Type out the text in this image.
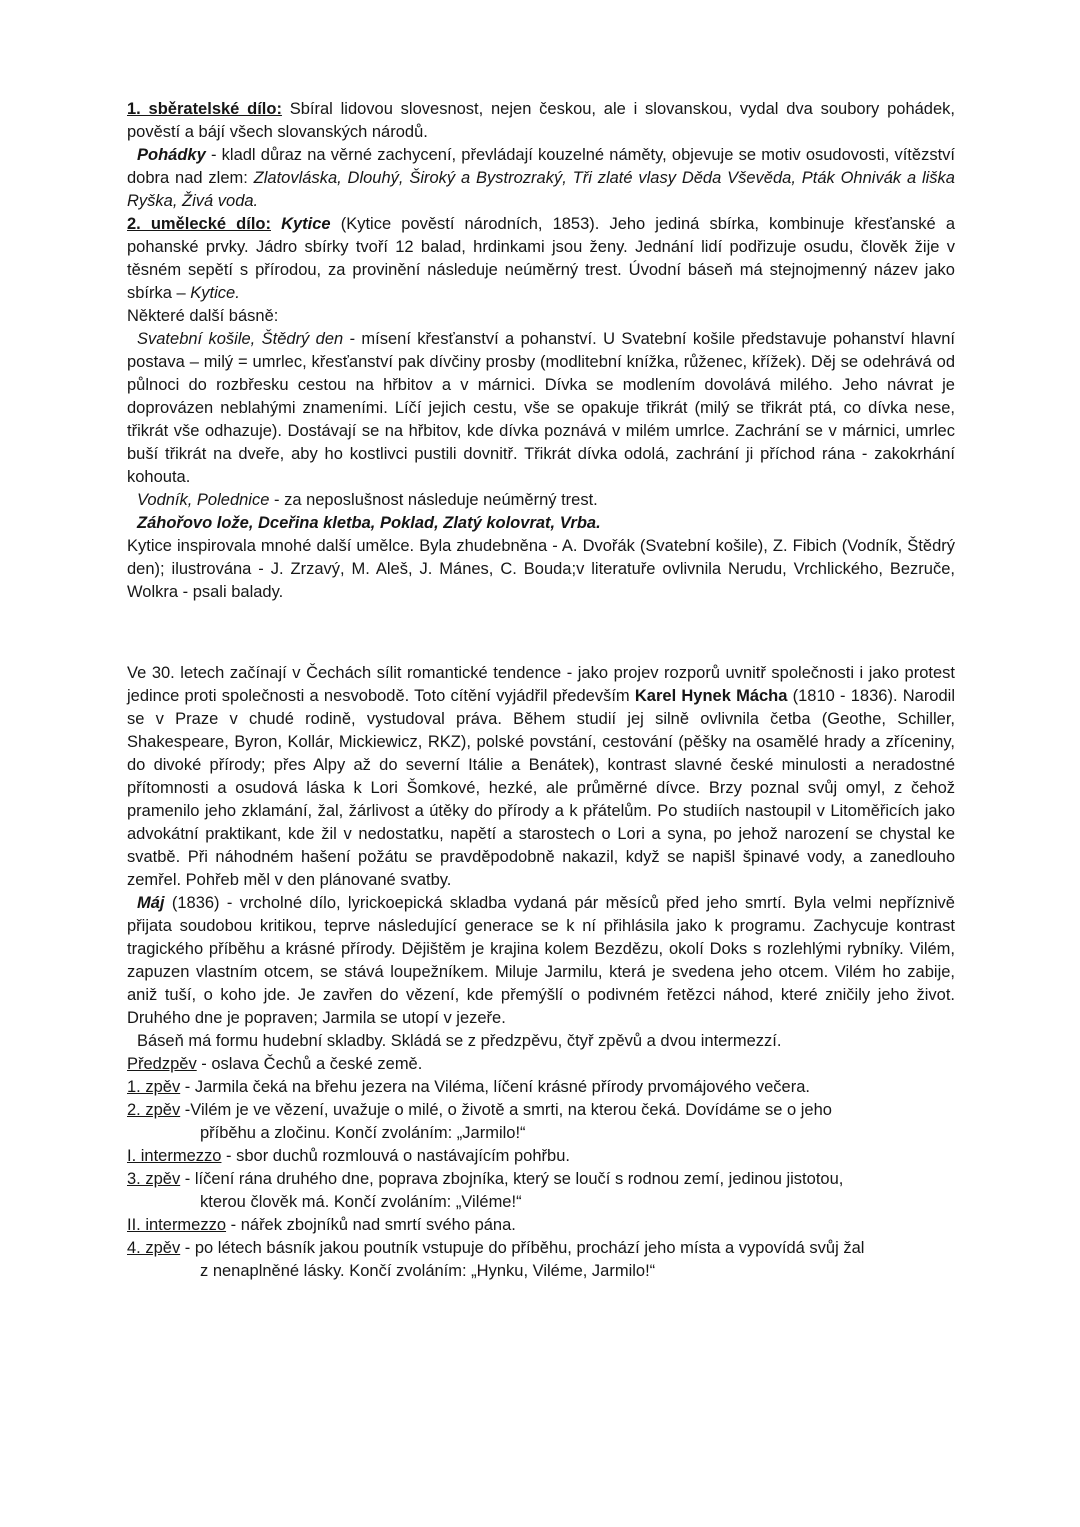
1. sběratelské dílo: Sbíral lidovou slovesnost, nejen českou, ale i slovanskou, vydal dva soubory pohádek, pověstí a bájí všech slovanských národů.

Pohádky - kladl důraz na věrné zachycení, převládají kouzelné náměty, objevuje se motiv osudovosti, vítězství dobra nad zlem: Zlatovláska, Dlouhý, Široký a Bystrozraký, Tři zlaté vlasy Děda Vševěda, Pták Ohnivák a liška Ryška, Živá voda.

2. umělecké dílo: Kytice (Kytice pověstí národních, 1853). Jeho jediná sbírka, kombinuje křesťanské a pohanské prvky. Jádro sbírky tvoří 12 balad, hrdinkami jsou ženy. Jednání lidí podřizuje osudu, člověk žije v těsném sepětí s přírodou, za provinění následuje neúměrný trest. Úvodní báseň má stejnojmenný název jako sbírka – Kytice.

Některé další básně:

Svatební košile, Štědrý den - mísení křesťanství a pohanství. U Svatební košile představuje pohanství hlavní postava – milý = umrlec, křesťanství pak dívčiny prosby (modlitební knížka, růženec, křížek). Děj se odehrává od půlnoci do rozbřesku cestou na hřbitov a v márnici. Dívka se modlením dovolává milého. Jeho návrat je doprovázen neblahými znameními. Líčí jejich cestu, vše se opakuje třikrát (milý se třikrát ptá, co dívka nese, třikrát vše odhazuje). Dostávají se na hřbitov, kde dívka poznává v milém umrlce. Zachrání se v márnici, umrlec buší třikrát na dveře, aby ho kostlivci pustili dovnitř. Třikrát dívka odolá, zachrání ji příchod rána - zakokrhání kohouta.

Vodník, Polednice - za neposlušnost následuje neúměrný trest.

Záhořovo lože, Dceřina kletba, Poklad, Zlatý kolovrat, Vrba.

Kytice inspirovala mnohé další umělce. Byla zhudebněna - A. Dvořák (Svatební košile), Z. Fibich (Vodník, Štědrý den); ilustrována - J. Zrzavý, M. Aleš, J. Mánes, C. Bouda;v literatuře ovlivnila Nerudu, Vrchlického, Bezruče, Wolkra - psali balady.

Ve 30. letech začínají v Čechách sílit romantické tendence - jako projev rozporů uvnitř společnosti i jako protest jedince proti společnosti a nesvobodě. Toto cítění vyjádřil především Karel Hynek Mácha (1810 - 1836). Narodil se v Praze v chudé rodině, vystudoval práva. Během studií jej silně ovlivnila četba (Geothe, Schiller, Shakespeare, Byron, Kollár, Mickiewicz, RKZ), polské povstání, cestování (pěšky na osamělé hrady a zříceniny, do divoké přírody; přes Alpy až do severní Itálie a Benátek), kontrast slavné české minulosti a neradostné přítomnosti a osudová láska k Lori Šomkové, hezké, ale průměrné dívce. Brzy poznal svůj omyl, z čehož pramenilo jeho zklamání, žal, žárlivost a útěky do přírody a k přátelům. Po studiích nastoupil v Litoměřicích jako advokátní praktikant, kde žil v nedostatku, napětí a starostech o Lori a syna, po jehož narození se chystal ke svatbě. Při náhodném hašení požátu se pravděpodobně nakazil, když se napišl špinavé vody, a zanedlouho zemřel. Pohřeb měl v den plánované svatby.

Máj (1836) - vrcholné dílo, lyrickoepická skladba vydaná pár měsíců před jeho smrtí. Byla velmi nepříznivě přijata soudobou kritikou, teprve následující generace se k ní přihlásila jako k programu. Zachycuje kontrast tragického příběhu a krásné přírody. Dějištěm je krajina kolem Bezdězu, okolí Doks s rozlehlými rybníky. Vilém, zapuzen vlastním otcem, se stává loupežníkem. Miluje Jarmilu, která je svedena jeho otcem. Vilém ho zabije, aniž tuší, o koho jde. Je zavřen do vězení, kde přemýšlí o podivném řetězci náhod, které zničily jeho život. Druhého dne je popraven; Jarmila se utopí v jezeře.

Báseň má formu hudební skladby. Skládá se z předzpěvu, čtyř zpěvů a dvou intermezzí.

Předzpěv - oslava Čechů a české země.

1. zpěv - Jarmila čeká na břehu jezera na Viléma, líčení krásné přírody prvomájového večera.

2. zpěv -Vilém je ve vězení, uvažuje o milé, o životě a smrti, na kterou čeká. Dovídáme se o jeho
příběhu a zločinu. Končí zvoláním: „Jarmilo!“

I. intermezzo - sbor duchů rozmlouvá o nastávajícím pohřbu.

3. zpěv - líčení rána druhého dne, poprava zbojníka, který se loučí s rodnou zemí, jedinou jistotou,
kterou člověk má. Končí zvoláním: „Viléme!“

II. intermezzo - nářek zbojníků nad smrtí svého pána.

4. zpěv - po létech básník jakou poutník vstupuje do příběhu, prochází jeho místa a vypovídá svůj žal
z nenaplněné lásky. Končí zvoláním: „Hynku, Viléme, Jarmilo!“
